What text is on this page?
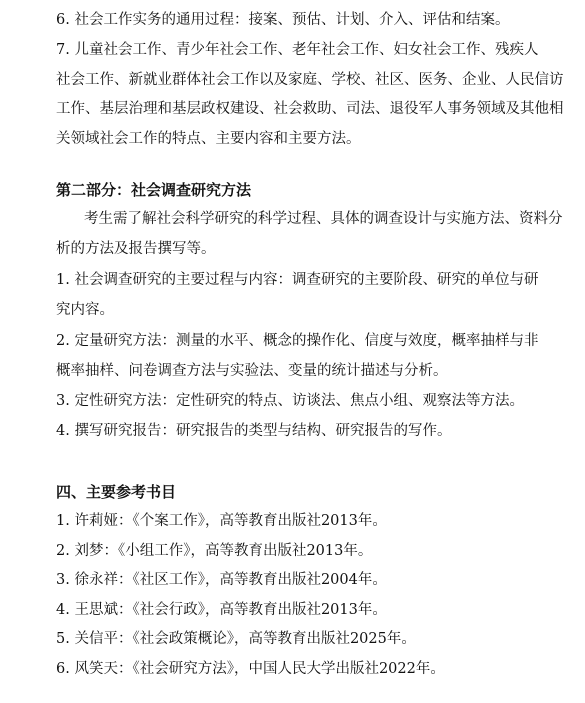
6. 社会工作实务的通用过程：接案、预估、计划、介入、评估和结案。

7. 儿童社会工作、青少年社会工作、老年社会工作、妇女社会工作、残疾人
社会工作、新就业群体社会工作以及家庭、学校、社区、医务、企业、人民信访
工作、基层治理和基层政权建设、社会救助、司法、退役军人事务领域及其他相
关领域社会工作的特点、主要内容和主要方法。

第二部分：社会调查研究方法

考生需了解社会科学研究的科学过程、具体的调查设计与实施方法、资料分
析的方法及报告撰写等。

1. 社会调查研究的主要过程与内容：调查研究的主要阶段、研究的单位与研
究内容。

2. 定量研究方法：测量的水平、概念的操作化、信度与效度，概率抽样与非
概率抽样、问卷调查方法与实验法、变量的统计描述与分析。

3. 定性研究方法：定性研究的特点、访谈法、焦点小组、观察法等方法。

4. 撰写研究报告：研究报告的类型与结构、研究报告的写作。

四、主要参考书目

1. 许莉娅：《个案工作》，高等教育出版社2013年。
2. 刘梦：《小组工作》，高等教育出版社2013年。
3. 徐永祥：《社区工作》，高等教育出版社2004年。
4. 王思斌：《社会行政》，高等教育出版社2013年。
5. 关信平：《社会政策概论》，高等教育出版社2025年。
6. 风笑天：《社会研究方法》，中国人民大学出版社2022年。
